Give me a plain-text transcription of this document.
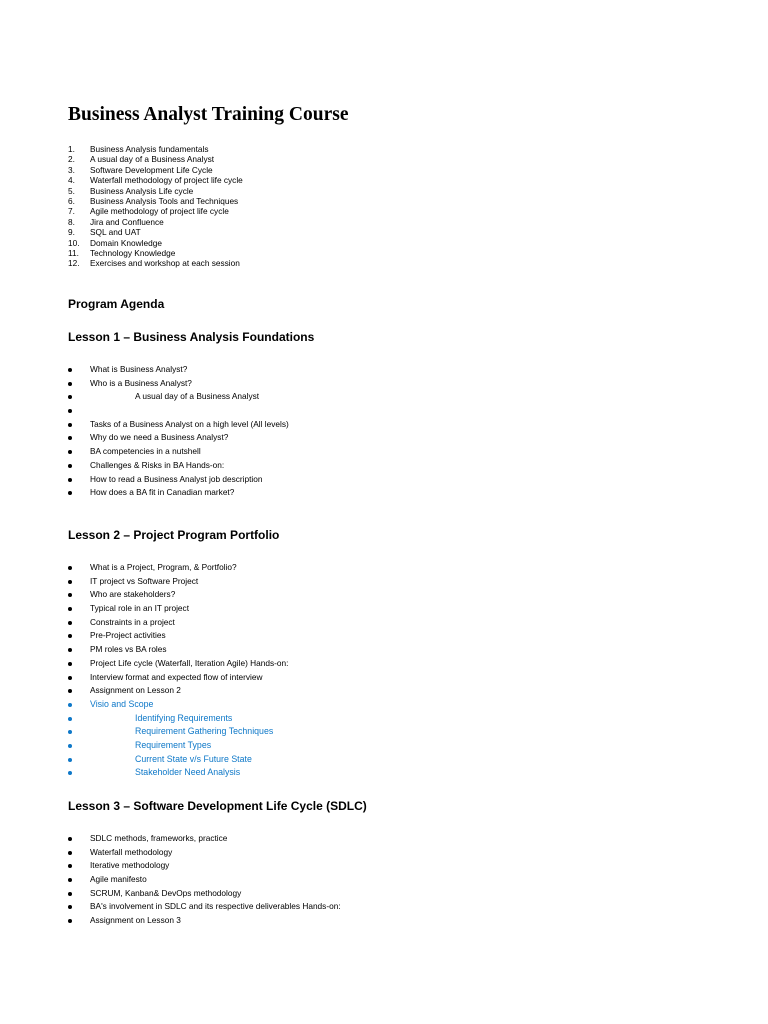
Business Analyst Training Course
1. Business Analysis fundamentals
2. A usual day of a Business Analyst
3. Software Development Life Cycle
4. Waterfall methodology of project life cycle
5. Business Analysis Life cycle
6. Business Analysis Tools and Techniques
7. Agile methodology of project life cycle
8. Jira and Confluence
9. SQL and UAT
10. Domain Knowledge
11. Technology Knowledge
12. Exercises and workshop at each session
Program Agenda
Lesson 1 – Business Analysis Foundations
What is Business Analyst?
Who is a Business Analyst?
A usual day of a Business Analyst
Tasks of a Business Analyst on a high level (All levels)
Why do we need a Business Analyst?
BA competencies in a nutshell
Challenges & Risks in BA Hands-on:
How to read a Business Analyst job description
How does a BA fit in Canadian market?
Lesson 2 – Project Program Portfolio
What is a Project, Program, & Portfolio?
IT project vs Software Project
Who are stakeholders?
Typical role in an IT project
Constraints in a project
Pre-Project activities
PM roles vs BA roles
Project Life cycle (Waterfall, Iteration Agile) Hands-on:
Interview format and expected flow of interview
Assignment on Lesson 2
Visio and Scope
Identifying Requirements
Requirement Gathering Techniques
Requirement Types
Current State v/s Future State
Stakeholder Need Analysis
Lesson 3 – Software Development Life Cycle (SDLC)
SDLC methods, frameworks, practice
Waterfall methodology
Iterative methodology
Agile manifesto
SCRUM, Kanban& DevOps methodology
BA's involvement in SDLC and its respective deliverables Hands-on:
Assignment on Lesson 3
